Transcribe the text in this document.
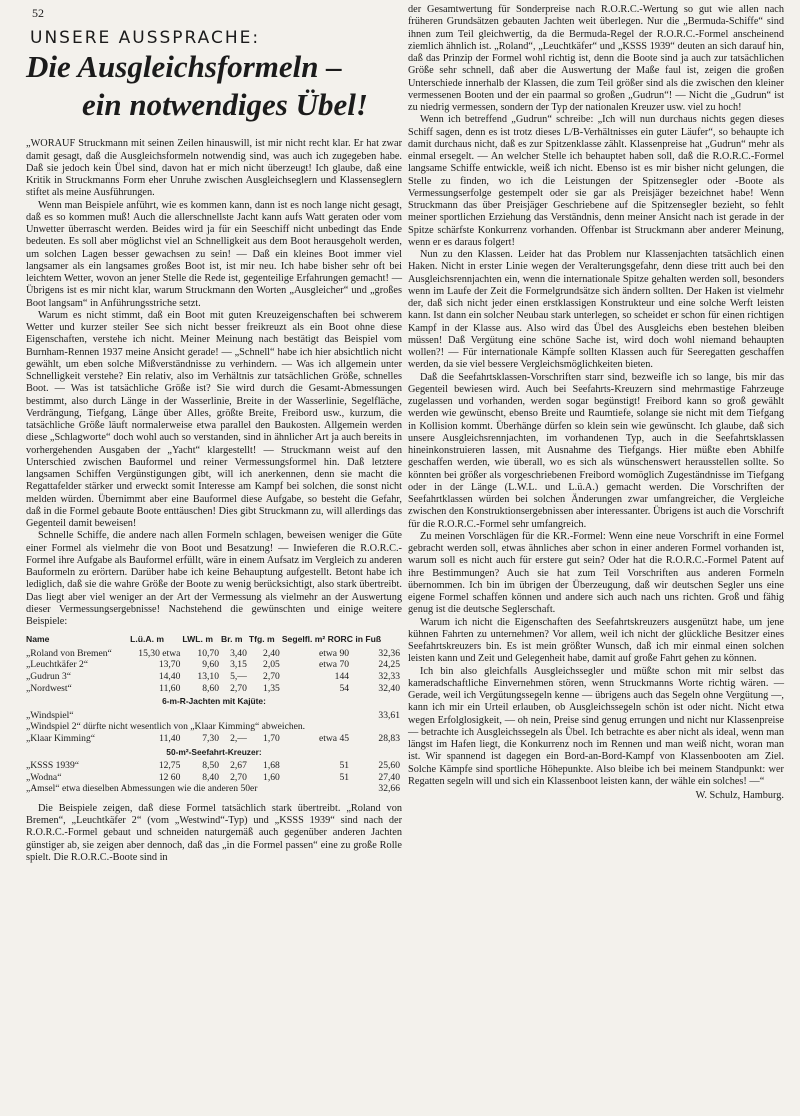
52
UNSERE AUSSPRACHE:
Die Ausgleichsformeln –
ein notwendiges Übel!

„WORAUF Struckmann mit seinen Zeilen hinauswill, ist mir nicht recht klar. Er hat zwar damit gesagt, daß die Ausgleichsformeln notwendig sind, was auch ich zugegeben habe. Daß sie jedoch kein Übel sind, davon hat er mich nicht überzeugt! Ich glaube, daß eine Kritik in Struckmanns Form eher Unruhe zwischen Ausgleichseglern und Klassenseglern stiftet als meine Ausführungen.

Wenn man Beispiele anführt, wie es kommen kann, dann ist es noch lange nicht gesagt, daß es so kommen muß! Auch die allerschnellste Jacht kann aufs Watt geraten oder vom Unwetter überrascht werden. Beides wird ja für ein Seeschiff nicht unbedingt das Ende bedeuten. Es soll aber möglichst viel an Schnelligkeit aus dem Boot herausgeholt werden, um solchen Lagen besser gewachsen zu sein! — Daß ein kleines Boot immer viel langsamer als ein langsames großes Boot ist, ist mir neu. Ich habe bisher sehr oft bei leichtem Wetter, wovon an jener Stelle die Rede ist, gegenteilige Erfahrungen gemacht! — Übrigens ist es mir nicht klar, warum Struckmann den Worten „Ausgleicher“ und „großes Boot langsam“ in Anführungsstriche setzt.

Warum es nicht stimmt, daß ein Boot mit guten Kreuzeigenschaften bei schwerem Wetter und kurzer steiler See sich nicht besser freikreuzt als ein Boot ohne diese Eigenschaften, verstehe ich nicht. Meiner Meinung nach bestätigt das Beispiel vom Burnham-Rennen 1937 meine Ansicht gerade! — „Schnell“ habe ich hier absichtlich nicht gewählt, um eben solche Mißverständnisse zu verhindern. — Was ich allgemein unter Schnelligkeit verstehe? Ein relativ, also im Verhältnis zur tatsächlichen Größe, schnelles Boot. — Was ist tatsächliche Größe ist? Sie wird durch die Gesamt-Abmessungen bestimmt, also durch Länge in der Wasserlinie, Breite in der Wasserlinie, Segelfläche, Verdrängung, Tiefgang, Länge über Alles, größte Breite, Freibord usw., kurzum, die tatsächliche Größe läuft normalerweise etwa parallel den Baukosten. Allgemein werden diese „Schlagworte“ doch wohl auch so verstanden, sind in ähnlicher Art ja auch bereits in vorhergehenden Ausgaben der „Yacht“ klargestellt! — Struckmann weist auf den Unterschied zwischen Bauformel und reiner Vermessungsformel hin. Daß letztere langsamen Schiffen Vergünstigungen gibt, will ich anerkennen, denn sie macht die Regattafelder stärker und erweckt somit Interesse am Kampf bei solchen, die sonst nicht melden würden. Übernimmt aber eine Bauformel diese Aufgabe, so besteht die Gefahr, daß in die Formel gebaute Boote enttäuschen! Dies gibt Struckmann zu, will allerdings das Gegenteil damit beweisen!

Schnelle Schiffe, die andere nach allen Formeln schlagen, beweisen weniger die Güte einer Formel als vielmehr die von Boot und Besatzung! — Inwieferen die R.O.R.C.-Formel ihre Aufgabe als Bauformel erfüllt, wäre in einem Aufsatz im Vergleich zu anderen Bauformeln zu erörtern. Darüber habe ich keine Behauptung aufgestellt. Betont habe ich lediglich, daß sie die wahre Größe der Boote zu wenig berücksichtigt, also stark übertreibt. Das liegt aber viel weniger an der Art der Vermessung als vielmehr an der Auswertung dieser Vermessungsergebnisse! Nachstehend die gewünschten und einige weitere Beispiele:

Name	L.ü.A. m	LWL. m	Br. m	Tfg. m	Segelfl. m² RORC in Fuß	
„Roland von Bremen“	15,30 etwa	10,70	3,40	2,40	etwa 90	32,36
„Leuchtkäfer 2“	13,70	9,60	3,15	2,05	etwa 70	24,25
„Gudrun 3“	14,40	13,10	5,—	2,70	144	32,33
„Nordwest“	11,60	8,60	2,70	1,35	54	32,40
6-m-R-Jachten mit Kajüte:						
„Windspiel“						33,61
„Windspiel 2“ dürfte nicht wesentlich von „Klaar Kimming“ abweichen.						
„Klaar Kimming“	11,40	7,30	2,—	1,70	etwa 45	28,83
50-m²-Seefahrt-Kreuzer:						
„KSSS 1939“	12,75	8,50	2,67	1,68	51	25,60
„Wodna“	12 60	8,40	2,70	1,60	51	27,40
„Amsel“ etwa dieselben Abmessungen wie die anderen 50er						32,66

Die Beispiele zeigen, daß diese Formel tatsächlich stark übertreibt. „Roland von Bremen“, „Leuchtkäfer 2“ (vom „Westwind“-Typ) und „KSSS 1939“ sind nach der R.O.R.C.-Formel gebaut und schneiden naturgemäß auch gegenüber anderen Jachten günstiger ab, sie zeigen aber dennoch, daß das „in die Formel passen“ eine zu große Rolle spielt. Die R.O.R.C.-Boote sind in

der Gesamtwertung für Sonderpreise nach R.O.R.C.-Wertung so gut wie allen nach früheren Grundsätzen gebauten Jachten weit überlegen. Nur die „Bermuda-Schiffe“ sind ihnen zum Teil gleichwertig, da die Bermuda-Regel der R.O.R.C.-Formel anscheinend ziemlich ähnlich ist. „Roland“, „Leuchtkäfer“ und „KSSS 1939“ deuten an sich darauf hin, daß das Prinzip der Formel wohl richtig ist, denn die Boote sind ja auch zur tatsächlichen Größe sehr schnell, daß aber die Auswertung der Maße faul ist, zeigen die großen Unterschiede innerhalb der Klassen, die zum Teil größer sind als die zwischen den kleiner vermessenen Booten und der ein paarmal so großen „Gudrun“! — Nicht die „Gudrun“ ist zu niedrig vermessen, sondern der Typ der nationalen Kreuzer usw. viel zu hoch!

Wenn ich betreffend „Gudrun“ schreibe: „Ich will nun durchaus nichts gegen dieses Schiff sagen, denn es ist trotz dieses L/B-Verhältnisses ein guter Läufer“, so behaupte ich damit durchaus nicht, daß es zur Spitzenklasse zählt. Klassenpreise hat „Gudrun“ mehr als einmal ersegelt. — An welcher Stelle ich behauptet haben soll, daß die R.O.R.C.-Formel langsame Schiffe entwickle, weiß ich nicht. Ebenso ist es mir bisher nicht gelungen, die Stelle zu finden, wo ich die Leistungen der Spitzensegler oder -Boote als Vermessungserfolge gestempelt oder sie gar als Preisjäger bezeichnet habe! Wenn Struckmann das über Preisjäger Geschriebene auf die Spitzensegler bezieht, so fehlt meiner sportlichen Erziehung das Verständnis, denn meiner Ansicht nach ist gerade in der Spitze schärfste Konkurrenz vorhanden. Offenbar ist Struckmann aber anderer Meinung, wenn er es daraus folgert!

Nun zu den Klassen. Leider hat das Problem nur Klassenjachten tatsächlich einen Haken. Nicht in erster Linie wegen der Veralterungsgefahr, denn diese tritt auch bei den Ausgleichsrennjachten ein, wenn die internationale Spitze gehalten werden soll, besonders wenn im Laufe der Zeit die Formelgrundsätze sich ändern sollten. Der Haken ist vielmehr der, daß sich nicht jeder einen erstklassigen Konstrukteur und eine solche Werft leisten kann. Ist dann ein solcher Neubau stark unterlegen, so scheidet er schon für einen richtigen Kampf in der Klasse aus. Also wird das Übel des Ausgleichs eben bestehen bleiben müssen! Daß Vergütung eine schöne Sache ist, wird doch wohl niemand behaupten wollen?! — Für internationale Kämpfe sollten Klassen auch für Seeregatten geschaffen werden, da sie viel bessere Vergleichsmöglichkeiten bieten.

Daß die Seefahrtsklassen-Vorschriften starr sind, bezweifle ich so lange, bis mir das Gegenteil bewiesen wird. Auch bei Seefahrts-Kreuzern sind mehrmastige Fahrzeuge zugelassen und vorhanden, werden sogar begünstigt! Freibord kann so groß gewählt werden wie gewünscht, ebenso Breite und Raumtiefe, solange sie nicht mit dem Tiefgang in Kollision kommt. Überhänge dürfen so klein sein wie gewünscht. Ich glaube, daß sich unsere Ausgleichsrennjachten, im vorhandenen Typ, auch in die Seefahrtsklassen hineinkonstruieren lassen, mit Ausnahme des Tiefgangs. Hier müßte eben Abhilfe geschaffen werden, wie überall, wo es sich als wünschenswert herausstellen sollte. So könnten bei größer als vorgeschriebenen Freibord womöglich Zugeständnisse im Tiefgang oder in der Länge (L.W.L. und L.ü.A.) gemacht werden. Die Vorschriften der Seefahrtklassen würden bei solchen Änderungen zwar umfangreicher, die Vergleiche zwischen den Konstruktionsergebnissen aber interessanter. Übrigens ist auch die Vorschrift für die R.O.R.C.-Formel sehr umfangreich.

Zu meinen Vorschlägen für die KR.-Formel: Wenn eine neue Vorschrift in eine Formel gebracht werden soll, etwas ähnliches aber schon in einer anderen Formel vorhanden ist, warum soll es nicht auch für erstere gut sein? Oder hat die R.O.R.C.-Formel Patent auf ihre Bestimmungen? Auch sie hat zum Teil Vorschriften aus anderen Formeln übernommen. Ich bin im übrigen der Überzeugung, daß wir deutschen Segler uns eine eigene Formel schaffen können und andere sich auch nach uns richten. Groß und fähig genug ist die deutsche Seglerschaft.

Warum ich nicht die Eigenschaften des Seefahrtskreuzers ausgenützt habe, um jene kühnen Fahrten zu unternehmen? Vor allem, weil ich nicht der glückliche Besitzer eines Seefahrtskreuzers bin. Es ist mein größter Wunsch, daß ich mir einmal einen solchen leisten kann und Zeit und Gelegenheit habe, damit auf große Fahrt gehen zu können.

Ich bin also gleichfalls Ausgleichssegler und müßte schon mit mir selbst das kameradschaftliche Einvernehmen stören, wenn Struckmanns Worte richtig wären. — Gerade, weil ich Vergütungssegeln kenne — übrigens auch das Segeln ohne Vergütung —, kann ich mir ein Urteil erlauben, ob Ausgleichssegeln schön ist oder nicht. Nicht etwa wegen Erfolglosigkeit, — oh nein, Preise sind genug errungen und nicht nur Klassenpreise — betrachte ich Ausgleichssegeln als Übel. Ich betrachte es aber nicht als ideal, wenn man längst im Hafen liegt, die Konkurrenz noch im Rennen und man weiß nicht, woran man ist. Wir spannend ist dagegen ein Bord-an-Bord-Kampf von Klassenbooten am Ziel. Solche Kämpfe sind sportliche Höhepunkte. Also bleibe ich bei meinem Standpunkt: wer Regatten segeln will und sich ein Klassenboot leisten kann, der wähle ein solches! —“

W. Schulz, Hamburg.
